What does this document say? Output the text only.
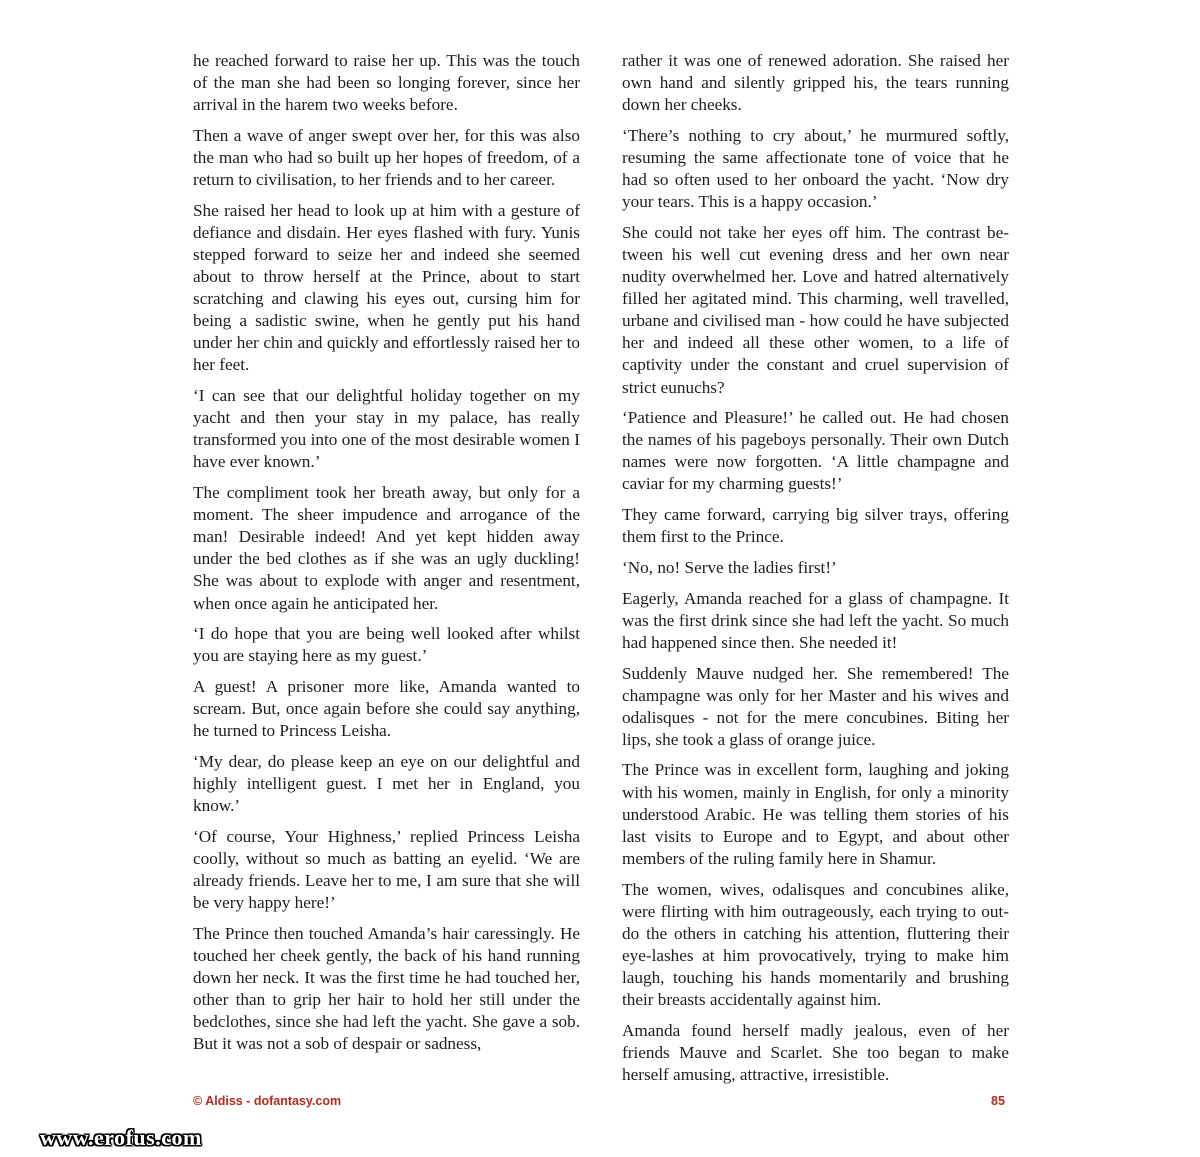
he reached forward to raise her up. This was the touch of the man she had been so longing forever, since her arrival in the harem two weeks before.

Then a wave of anger swept over her, for this was also the man who had so built up her hopes of freedom, of a return to civilisation, to her friends and to her career.

She raised her head to look up at him with a gesture of defiance and disdain. Her eyes flashed with fury. Yunis stepped forward to seize her and indeed she seemed about to throw herself at the Prince, about to start scratching and clawing his eyes out, cursing him for being a sadistic swine, when he gently put his hand under her chin and quickly and effortlessly raised her to her feet.

‘I can see that our delightful holiday together on my yacht and then your stay in my palace, has really transformed you into one of the most desirable women I have ever known.’

The compliment took her breath away, but only for a moment. The sheer impudence and arrogance of the man! Desirable indeed! And yet kept hidden away under the bed clothes as if she was an ugly duckling! She was about to explode with anger and resentment, when once again he anticipated her.

‘I do hope that you are being well looked after whilst you are staying here as my guest.’

A guest! A prisoner more like, Amanda wanted to scream. But, once again before she could say anything, he turned to Princess Leisha.

‘My dear, do please keep an eye on our delightful and highly intelligent guest. I met her in England, you know.’

‘Of course, Your Highness,’ replied Princess Leisha coolly, without so much as batting an eyelid. ‘We are already friends. Leave her to me, I am sure that she will be very happy here!’

The Prince then touched Amanda’s hair caressingly. He touched her cheek gently, the back of his hand running down her neck. It was the first time he had touched her, other than to grip her hair to hold her still under the bedclothes, since she had left the yacht. She gave a sob. But it was not a sob of despair or sadness,

rather it was one of renewed adoration. She raised her own hand and silently gripped his, the tears running down her cheeks.

‘There’s nothing to cry about,’ he murmured softly, resuming the same affectionate tone of voice that he had so often used to her onboard the yacht. ‘Now dry your tears. This is a happy occasion.’

She could not take her eyes off him. The contrast between his well cut evening dress and her own near nudity overwhelmed her. Love and hatred alternatively filled her agitated mind. This charming, well travelled, urbane and civilised man - how could he have subjected her and indeed all these other women, to a life of captivity under the constant and cruel supervision of strict eunuchs?

‘Patience and Pleasure!’ he called out. He had chosen the names of his pageboys personally. Their own Dutch names were now forgotten. ‘A little champagne and caviar for my charming guests!’

They came forward, carrying big silver trays, offering them first to the Prince.

‘No, no! Serve the ladies first!’

Eagerly, Amanda reached for a glass of champagne. It was the first drink since she had left the yacht. So much had happened since then. She needed it!

Suddenly Mauve nudged her. She remembered! The champagne was only for her Master and his wives and odalisques - not for the mere concubines. Biting her lips, she took a glass of orange juice.

The Prince was in excellent form, laughing and joking with his women, mainly in English, for only a minority understood Arabic. He was telling them stories of his last visits to Europe and to Egypt, and about other members of the ruling family here in Shamur.

The women, wives, odalisques and concubines alike, were flirting with him outrageously, each trying to out-do the others in catching his attention, fluttering their eye-lashes at him provocatively, trying to make him laugh, touching his hands momentarily and brushing their breasts accidentally against him.

Amanda found herself madly jealous, even of her friends Mauve and Scarlet. She too began to make herself amusing, attractive, irresistible.

© Aldiss - dofantasy.com	85
www.erofus.com
